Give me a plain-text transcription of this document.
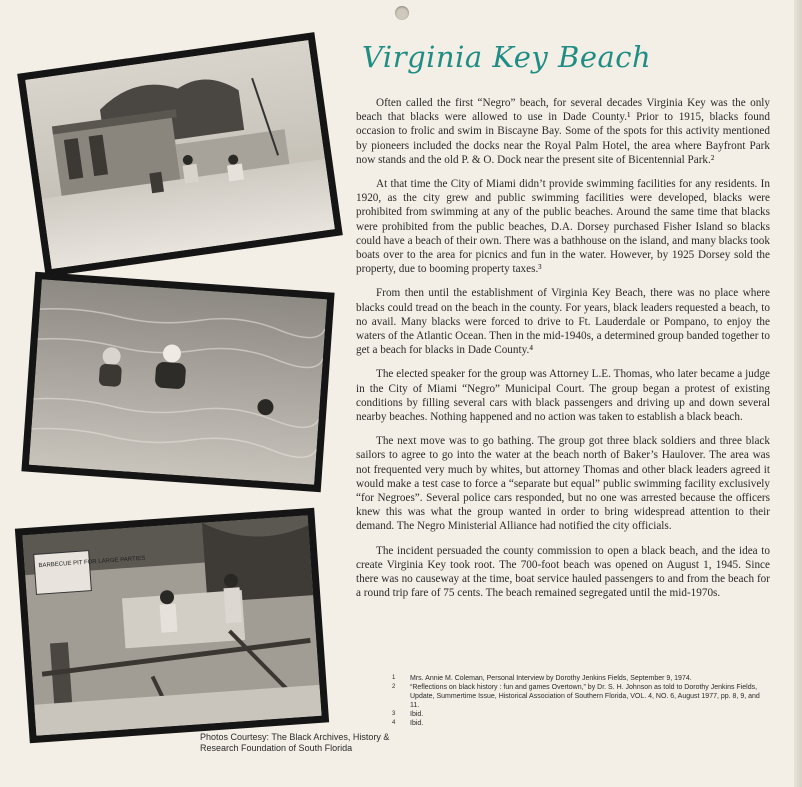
Virginia Key Beach
BARBECUE PIT FOR LARGE PARTIES

Often called the first “Negro” beach, for several decades Virginia Key was the only beach that blacks were allowed to use in Dade County.¹ Prior to 1915, blacks found occasion to frolic and swim in Biscayne Bay. Some of the spots for this activity mentioned by pioneers included the docks near the Royal Palm Hotel, the area where Bayfront Park now stands and the old P. & O. Dock near the present site of Bicentennial Park.²

At that time the City of Miami didn’t provide swimming facilities for any residents. In 1920, as the city grew and public swimming facilities were developed, blacks were prohibited from swimming at any of the public beaches. Around the same time that blacks were prohibited from the public beaches, D.A. Dorsey purchased Fisher Island so blacks could have a beach of their own. There was a bathhouse on the island, and many blacks took boats over to the area for picnics and fun in the water. However, by 1925 Dorsey sold the property, due to booming property taxes.³

From then until the establishment of Virginia Key Beach, there was no place where blacks could tread on the beach in the county. For years, black leaders requested a beach, to no avail. Many blacks were forced to drive to Ft. Lauderdale or Pompano, to enjoy the waters of the Atlantic Ocean. Then in the mid-1940s, a determined group banded together to get a beach for blacks in Dade County.⁴

The elected speaker for the group was Attorney L.E. Thomas, who later became a judge in the City of Miami “Negro” Municipal Court. The group began a protest of existing conditions by filling several cars with black passengers and driving up and down several nearby beaches. Nothing happened and no action was taken to establish a black beach.

The next move was to go bathing. The group got three black soldiers and three black sailors to agree to go into the water at the beach north of Baker’s Haulover. The area was not frequented very much by whites, but attorney Thomas and other black leaders agreed it would make a test case to force a “separate but equal” public swimming facility exclusively “for Negroes”. Several police cars responded, but no one was arrested because the officers knew this was what the group wanted in order to bring widespread attention to their demand. The Negro Ministerial Alliance had notified the city officials.

The incident persuaded the county commission to open a black beach, and the idea to create Virginia Key took root. The 700-foot beach was opened on August 1, 1945. Since there was no causeway at the time, boat service hauled passengers to and from the beach for a round trip fare of 75 cents. The beach remained segregated until the mid-1970s.

1	Mrs. Annie M. Coleman, Personal Interview by Dorothy Jenkins Fields, September 9, 1974.
2	“Reflections on black history : fun and games Overtown,” by Dr. S. H. Johnson as told to Dorothy Jenkins Fields, Update, Summertime Issue, Historical Association of Southern Florida, VOL. 4, NO. 6, August 1977, pp. 8, 9, and 11.
3	Ibid.
4	Ibid.
Photos Courtesy: The Black Archives, History & Research Foundation of South Florida
